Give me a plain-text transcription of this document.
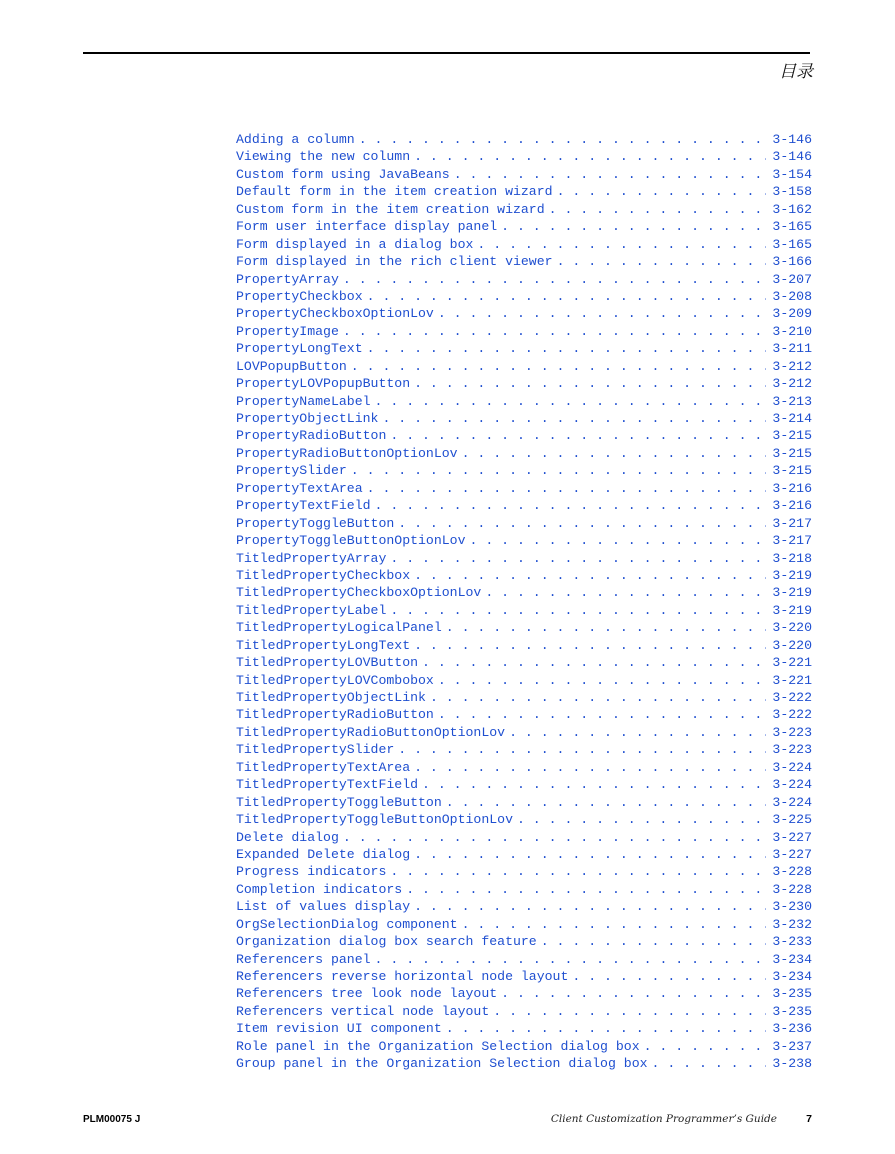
目录
Adding a column . . .	3-146
Viewing the new column . . .	3-146
Custom form using JavaBeans . . .	3-154
Default form in the item creation wizard . . .	3-158
Custom form in the item creation wizard . . .	3-162
Form user interface display panel . . .	3-165
Form displayed in a dialog box . . .	3-165
Form displayed in the rich client viewer . . .	3-166
PropertyArray . . .	3-207
PropertyCheckbox . . .	3-208
PropertyCheckboxOptionLov . . .	3-209
PropertyImage . . .	3-210
PropertyLongText . . .	3-211
LOVPopupButton . . .	3-212
PropertyLOVPopupButton . . .	3-212
PropertyNameLabel . . .	3-213
PropertyObjectLink . . .	3-214
PropertyRadioButton . . .	3-215
PropertyRadioButtonOptionLov . . .	3-215
PropertySlider . . .	3-215
PropertyTextArea . . .	3-216
PropertyTextField . . .	3-216
PropertyToggleButton . . .	3-217
PropertyToggleButtonOptionLov . . .	3-217
TitledPropertyArray . . .	3-218
TitledPropertyCheckbox . . .	3-219
TitledPropertyCheckboxOptionLov . . .	3-219
TitledPropertyLabel . . .	3-219
TitledPropertyLogicalPanel . . .	3-220
TitledPropertyLongText . . .	3-220
TitledPropertyLOVButton . . .	3-221
TitledPropertyLOVCombobox . . .	3-221
TitledPropertyObjectLink . . .	3-222
TitledPropertyRadioButton . . .	3-222
TitledPropertyRadioButtonOptionLov . . .	3-223
TitledPropertySlider . . .	3-223
TitledPropertyTextArea . . .	3-224
TitledPropertyTextField . . .	3-224
TitledPropertyToggleButton . . .	3-224
TitledPropertyToggleButtonOptionLov . . .	3-225
Delete dialog . . .	3-227
Expanded Delete dialog . . .	3-227
Progress indicators . . .	3-228
Completion indicators . . .	3-228
List of values display . . .	3-230
OrgSelectionDialog component . . .	3-232
Organization dialog box search feature . . .	3-233
Referencers panel . . .	3-234
Referencers reverse horizontal node layout . . .	3-234
Referencers tree look node layout . . .	3-235
Referencers vertical node layout . . .	3-235
Item revision UI component . . .	3-236
Role panel in the Organization Selection dialog box . . .	3-237
Group panel in the Organization Selection dialog box . . .	3-238
PLM00075 J	Client Customization Programmer’s Guide	7
